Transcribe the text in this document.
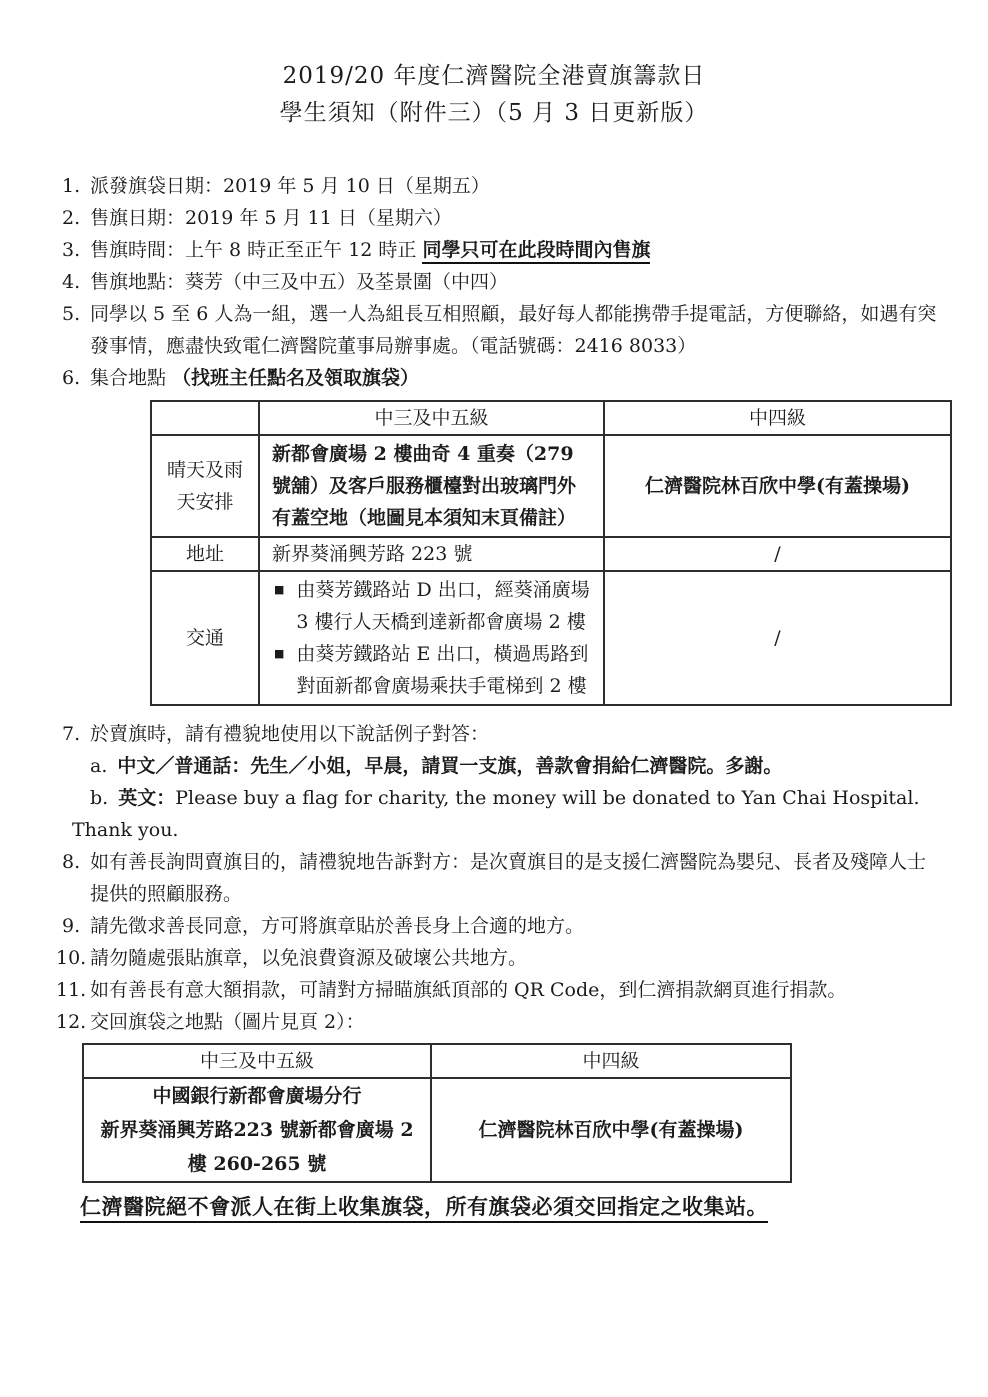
2019/20 年度仁濟醫院全港賣旗籌款日
學生須知（附件三）（5 月 3 日更新版）
1. 派發旗袋日期：2019 年 5 月 10 日（星期五）
2. 售旗日期：2019 年 5 月 11 日（星期六）
3. 售旗時間：上午 8 時正至正午 12 時正 同學只可在此段時間內售旗
4. 售旗地點：葵芳（中三及中五）及荃景圍（中四）
5. 同學以 5 至 6 人為一組，選一人為組長互相照顧，最好每人都能携帶手提電話，方便聯絡，如遇有突發事情，應盡快致電仁濟醫院董事局辦事處。（電話號碼：2416 8033）
6. 集合地點 （找班主任點名及領取旗袋）
	中三及中五級	中四級
晴天及雨天安排	新都會廣場 2 樓曲奇 4 重奏（279 號舖）及客戶服務櫃檯對出玻璃門外有蓋空地（地圖見本須知末頁備註）	仁濟醫院林百欣中學(有蓋操場)
地址	新界葵涌興芳路 223 號	/
交通	■ 由葵芳鐵路站 D 出口，經葵涌廣場 3 樓行人天橋到達新都會廣場 2 樓
■ 由葵芳鐵路站 E 出口，橫過馬路到對面新都會廣場乘扶手電梯到 2 樓	/
7. 於賣旗時，請有禮貌地使用以下說話例子對答：
a. 中文／普通話：先生／小姐，早晨，請買一支旗，善款會捐給仁濟醫院。多謝。
b. 英文：Please buy a flag for charity, the money will be donated to Yan Chai Hospital. Thank you.
8. 如有善長詢問賣旗目的，請禮貌地告訴對方：是次賣旗目的是支援仁濟醫院為嬰兒、長者及殘障人士提供的照顧服務。
9. 請先徵求善長同意，方可將旗章貼於善長身上合適的地方。
10. 請勿隨處張貼旗章，以免浪費資源及破壞公共地方。
11. 如有善長有意大額捐款，可請對方掃瞄旗紙頂部的 QR Code，到仁濟捐款網頁進行捐款。
12. 交回旗袋之地點（圖片見頁 2）：
中三及中五級	中四級

中國銀行新都會廣場分行
新界葵涌興芳路223 號新都會廣場 2 樓 260-265 號	仁濟醫院林百欣中學(有蓋操場)
仁濟醫院絕不會派人在街上收集旗袋，所有旗袋必須交回指定之收集站。
